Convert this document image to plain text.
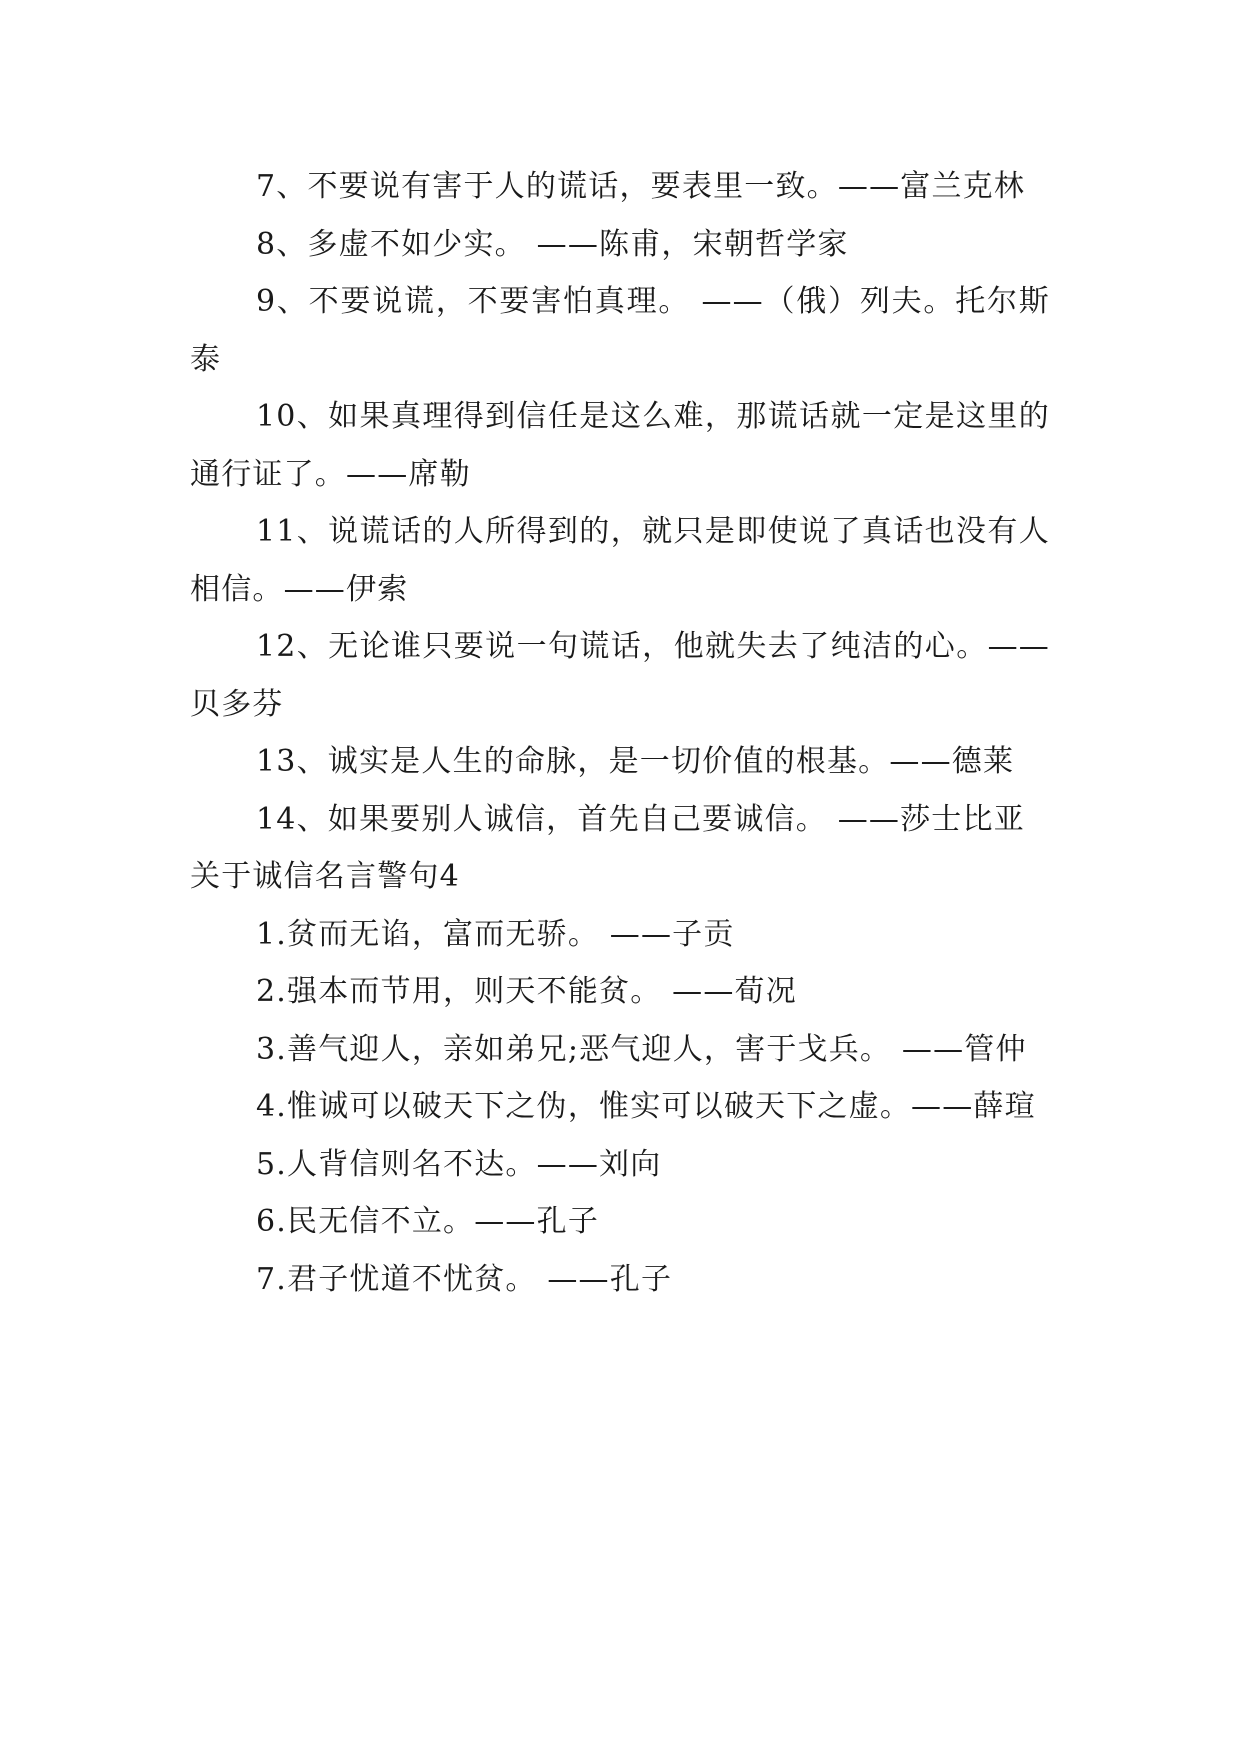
7、不要说有害于人的谎话，要表里一致。——富兰克林

8、多虚不如少实。 ——陈甫，宋朝哲学家

9、不要说谎，不要害怕真理。 ——（俄）列夫。托尔斯泰

10、如果真理得到信任是这么难，那谎话就一定是这里的通行证了。——席勒

11、说谎话的人所得到的，就只是即使说了真话也没有人相信。——伊索

12、无论谁只要说一句谎话，他就失去了纯洁的心。——贝多芬

13、诚实是人生的命脉，是一切价值的根基。——德莱

14、如果要别人诚信，首先自己要诚信。 ——莎士比亚

关于诚信名言警句4

1.贫而无谄，富而无骄。 ——子贡

2.强本而节用，则天不能贫。 ——荀况

3.善气迎人，亲如弟兄;恶气迎人，害于戈兵。 ——管仲

4.惟诚可以破天下之伪，惟实可以破天下之虚。——薛瑄

5.人背信则名不达。——刘向

6.民无信不立。——孔子

7.君子忧道不忧贫。 ——孔子
